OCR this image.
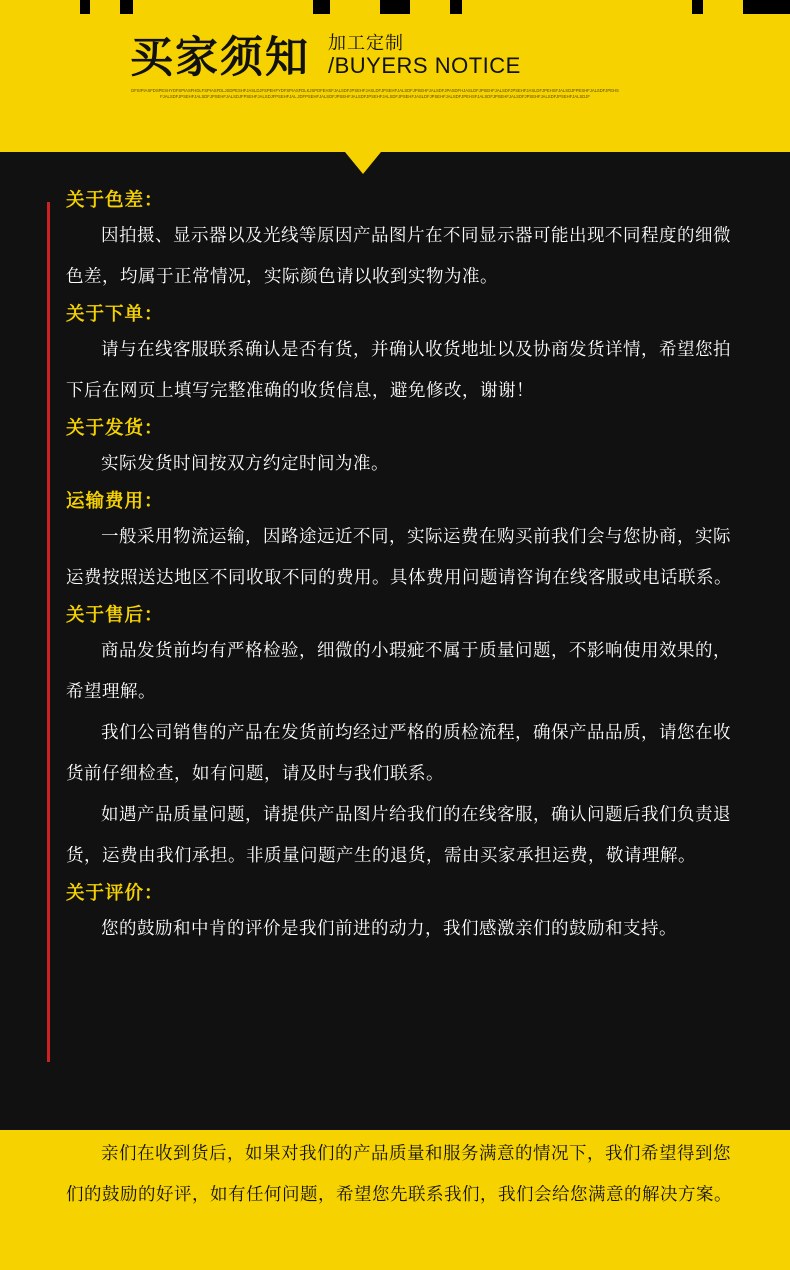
买家须知 加工定制
/BUYERS NOTICE
DFSIPIASFDSPESHYDFSPIASFHDLFSPIASFDLJSDPESHFJASLDJFSPEHFYDFSPIASFDLKJSPDFEHSFJALSDFJPSEHFJASLDFJPSEHFJALSDFJPSEHFJALSDFJPASDFHJASLDFJPSEHFJALSDFJPSEHFJASLDFJPEHSFJALSDJFPESHFJALSDFJPEHSFJALSDFJPSEHFJALSDFJPSEHFJALSDJFPSEHFJALSDJFPSEHFJAL JDFPSEHFJALSDFJPSEHFJALSDFJPSEHFJALSDFJPSEHFJASLDFJPSEHFJALSDFJPEHSFJALSDFJPSEHFJALSDFJPSEHFJALSDFJPSEHFJALSDJF
关于色差：
因拍摄、显示器以及光线等原因产品图片在不同显示器可能出现不同程度的细微色差，均属于正常情况，实际颜色请以收到实物为准。
关于下单：
请与在线客服联系确认是否有货，并确认收货地址以及协商发货详情，希望您拍下后在网页上填写完整准确的收货信息，避免修改，谢谢！
关于发货：
实际发货时间按双方约定时间为准。
运输费用：
一般采用物流运输，因路途远近不同，实际运费在购买前我们会与您协商，实际运费按照送达地区不同收取不同的费用。具体费用问题请咨询在线客服或电话联系。
关于售后：
商品发货前均有严格检验，细微的小瑕疵不属于质量问题，不影响使用效果的，希望理解。
我们公司销售的产品在发货前均经过严格的质检流程，确保产品品质，请您在收货前仔细检查，如有问题，请及时与我们联系。
如遇产品质量问题，请提供产品图片给我们的在线客服，确认问题后我们负责退货，运费由我们承担。非质量问题产生的退货，需由买家承担运费，敬请理解。
关于评价：
您的鼓励和中肯的评价是我们前进的动力，我们感激亲们的鼓励和支持。
亲们在收到货后，如果对我们的产品质量和服务满意的情况下，我们希望得到您们的鼓励的好评，如有任何问题，希望您先联系我们，我们会给您满意的解决方案。
